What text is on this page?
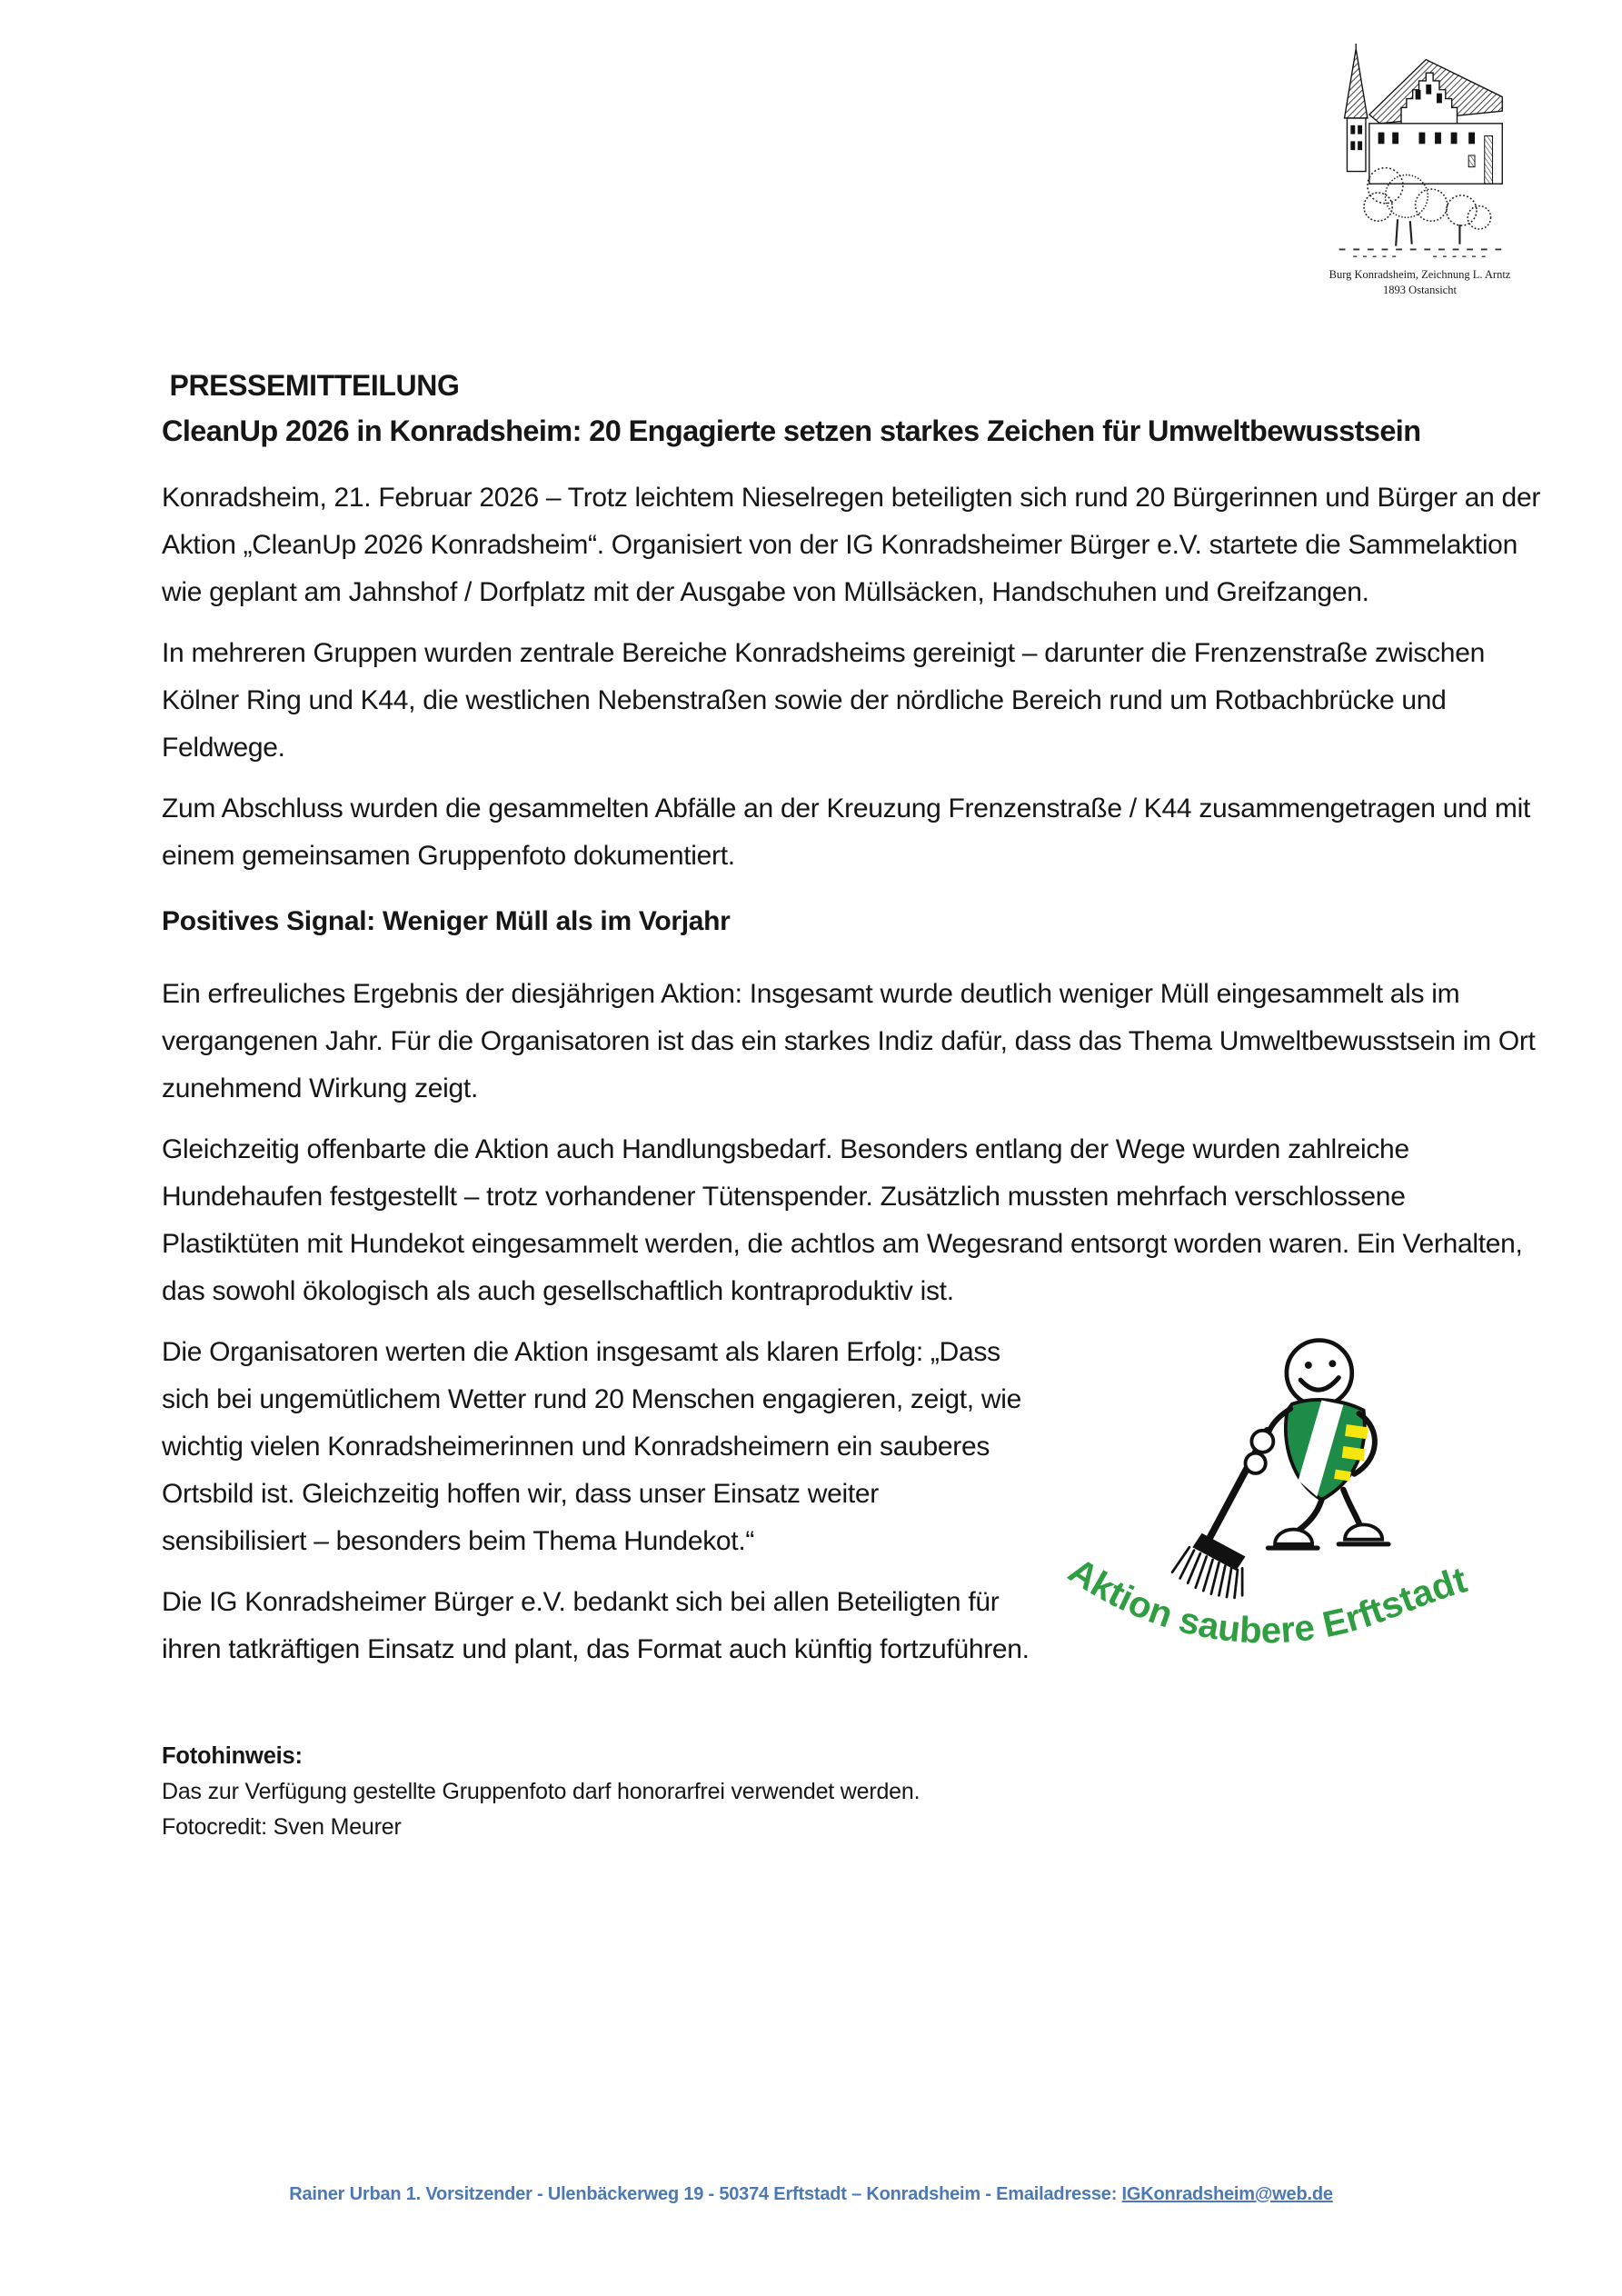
Burg Konradsheim, Zeichnung L. Arntz
1893 Ostansicht
PRESSEMITTEILUNG
CleanUp 2026 in Konradsheim: 20 Engagierte setzen starkes Zeichen für Umweltbewusstsein

Konradsheim, 21. Februar 2026 – Trotz leichtem Nieselregen beteiligten sich rund 20 Bürgerinnen und Bürger an der Aktion „CleanUp 2026 Konradsheim“. Organisiert von der IG Konradsheimer Bürger e.V. startete die Sammelaktion wie geplant am Jahnshof / Dorfplatz mit der Ausgabe von Müllsäcken, Handschuhen und Greifzangen.

In mehreren Gruppen wurden zentrale Bereiche Konradsheims gereinigt – darunter die Frenzenstraße zwischen Kölner Ring und K44, die westlichen Nebenstraßen sowie der nördliche Bereich rund um Rotbachbrücke und Feldwege.

Zum Abschluss wurden die gesammelten Abfälle an der Kreuzung Frenzenstraße / K44 zusammengetragen und mit einem gemeinsamen Gruppenfoto dokumentiert.

Positives Signal: Weniger Müll als im Vorjahr

Ein erfreuliches Ergebnis der diesjährigen Aktion: Insgesamt wurde deutlich weniger Müll eingesammelt als im vergangenen Jahr. Für die Organisatoren ist das ein starkes Indiz dafür, dass das Thema Umweltbewusstsein im Ort zunehmend Wirkung zeigt.

Gleichzeitig offenbarte die Aktion auch Handlungsbedarf. Besonders entlang der Wege wurden zahlreiche Hundehaufen festgestellt – trotz vorhandener Tütenspender. Zusätzlich mussten mehrfach verschlossene Plastiktüten mit Hundekot eingesammelt werden, die achtlos am Wegesrand entsorgt worden waren. Ein Verhalten, das sowohl ökologisch als auch gesellschaftlich kontraproduktiv ist.

Aktion saubere Erftstadt

Die Organisatoren werten die Aktion insgesamt als klaren Erfolg: „Dass sich bei ungemütlichem Wetter rund 20 Menschen engagieren, zeigt, wie wichtig vielen Konradsheimerinnen und Konradsheimern ein sauberes Ortsbild ist. Gleichzeitig hoffen wir, dass unser Einsatz weiter sensibilisiert – besonders beim Thema Hundekot.“

Die IG Konradsheimer Bürger e.V. bedankt sich bei allen Beteiligten für ihren tatkräftigen Einsatz und plant, das Format auch künftig fortzuführen.

Fotohinweis:
Das zur Verfügung gestellte Gruppenfoto darf honorarfrei verwendet werden.
Fotocredit: Sven Meurer
Rainer Urban 1. Vorsitzender - Ulenbäckerweg 19 - 50374 Erftstadt – Konradsheim - Emailadresse: IGKonradsheim@web.de
